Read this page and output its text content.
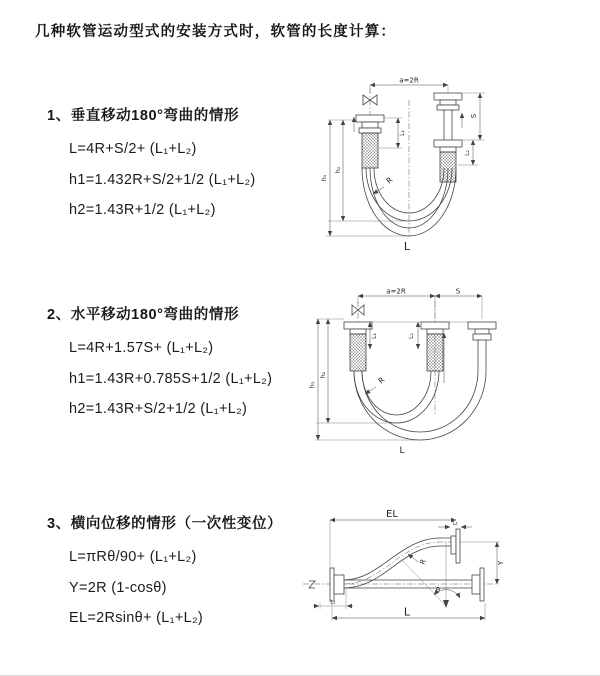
几种软管运动型式的安装方式时，软管的长度计算：
1、垂直移动180°弯曲的情形
L=4R+S/2+ (L₁+L₂)
h1=1.432R+S/2+1/2 (L₁+L₂)
h2=1.43R+1/2 (L₁+L₂)
2、水平移动180°弯曲的情形
L=4R+1.57S+ (L₁+L₂)
h1=1.43R+0.785S+1/2 (L₁+L₂)
h2=1.43R+S/2+1/2 (L₁+L₂)
3、横向位移的情形（一次性变位）
L=πRθ/90+ (L₁+L₂)
Y=2R (1-cosθ)
EL=2Rsinθ+ (L₁+L₂)
a=2R
S
L₂
L₁
h₂
h₁	R
L
a=2R	S
L₁	L₂
h₂
h₁	R
L
EL
L₂
Y
θ
R
L₁
L
